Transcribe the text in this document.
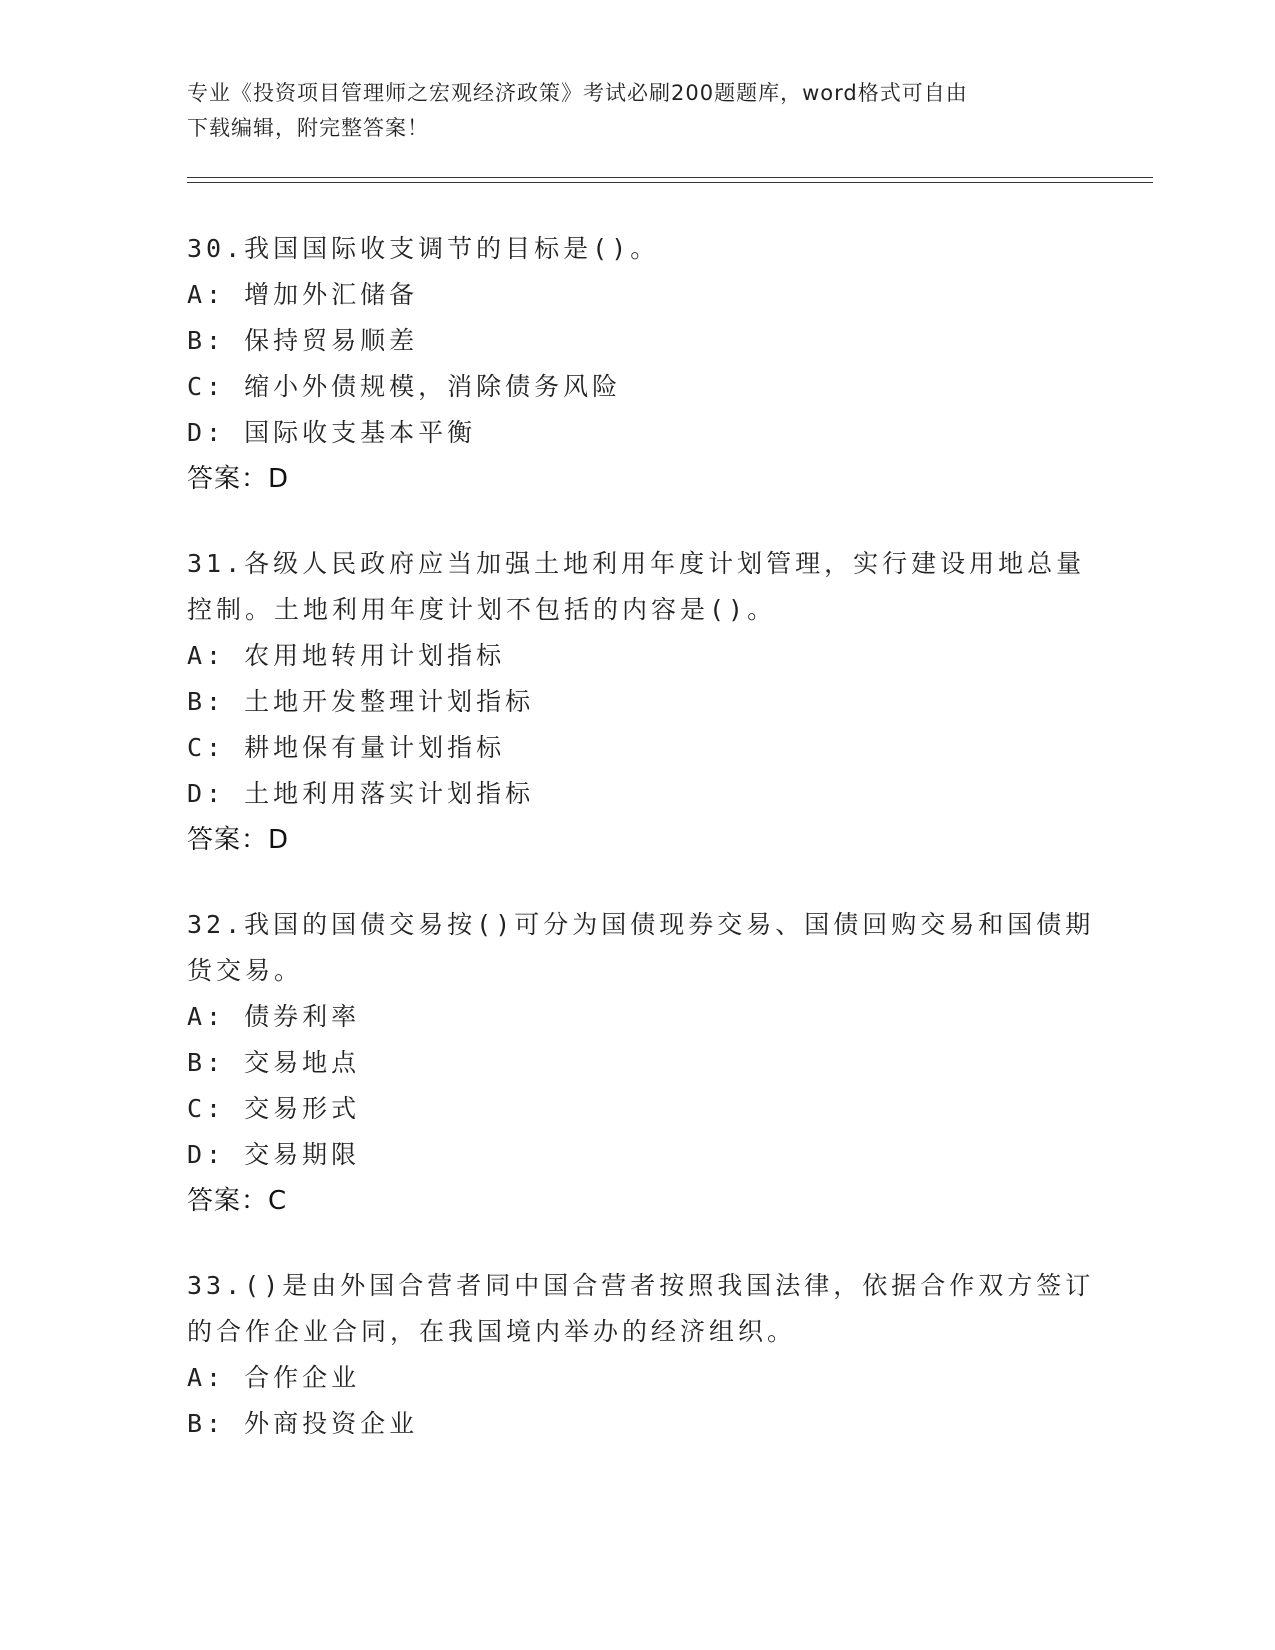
专业《投资项目管理师之宏观经济政策》考试必刷200题题库，word格式可自由
下载编辑，附完整答案！
30.我国国际收支调节的目标是()。
A: 增加外汇储备
B: 保持贸易顺差
C: 缩小外债规模，消除债务风险
D: 国际收支基本平衡
答案：D
31.各级人民政府应当加强土地利用年度计划管理，实行建设用地总量
控制。土地利用年度计划不包括的内容是()。
A: 农用地转用计划指标
B: 土地开发整理计划指标
C: 耕地保有量计划指标
D: 土地利用落实计划指标
答案：D
32.我国的国债交易按()可分为国债现券交易、国债回购交易和国债期
货交易。
A: 债券利率
B: 交易地点
C: 交易形式
D: 交易期限
答案：C
33.()是由外国合营者同中国合营者按照我国法律，依据合作双方签订
的合作企业合同，在我国境内举办的经济组织。
A: 合作企业
B: 外商投资企业
